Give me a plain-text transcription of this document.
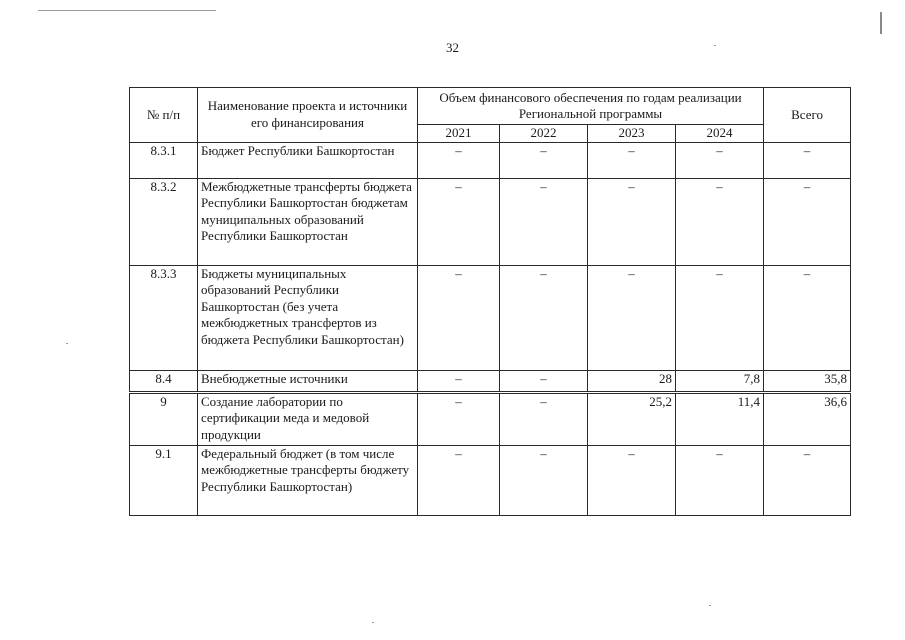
32
№ п/п	Наименование проекта и источники его финансирования	Объем финансового обеспечения по годам реализации Региональной программы				Всего
		2021	2022	2023	2024	
8.3.1	Бюджет Республики Башкортостан	–	–	–	–	–
8.3.2	Межбюджетные трансферты бюджета Республики Башкортостан бюджетам муниципальных образований Республики Башкортостан	–	–	–	–	–
8.3.3	Бюджеты муниципальных образований Республики Башкортостан (без учета межбюджетных трансфертов из бюджета Республики Башкортостан)	–	–	–	–	–
8.4	Внебюджетные источники	–	–	28	7,8	35,8
9	Создание лаборатории по сертификации меда и медовой продукции	–	–	25,2	11,4	36,6
9.1	Федеральный бюджет (в том числе межбюджетные трансферты бюджету Республики Башкортостан)	–	–	–	–	–
